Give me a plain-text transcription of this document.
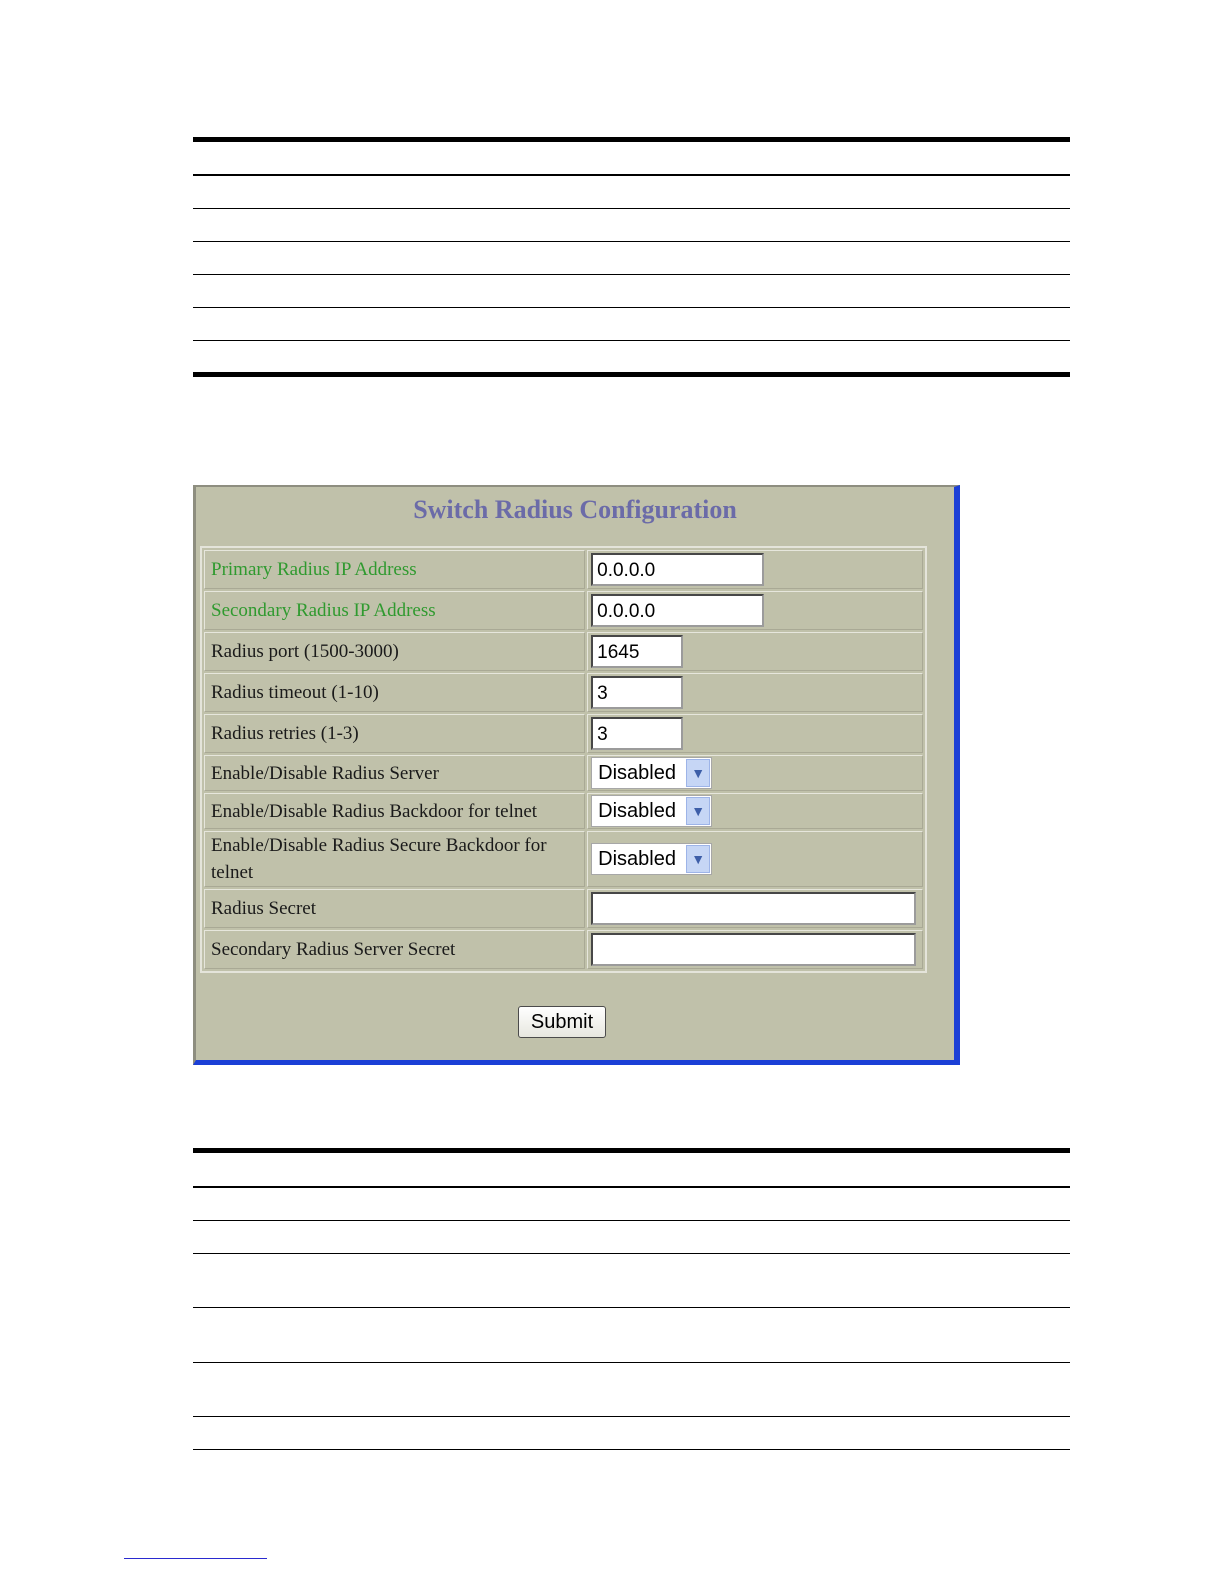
Switch Radius Configuration
Primary Radius IP Address	0.0.0.0

Secondary Radius IP Address	0.0.0.0

Radius port (1500-3000)	1645

Radius timeout (1-10)	3

Radius retries (1-3)	3

Enable/Disable Radius Server	Disabled ▼

Enable/Disable Radius Backdoor for telnet	Disabled ▼

Enable/Disable Radius Secure Backdoor for telnet	Disabled ▼

Radius Secret	

Secondary Radius Server Secret	
Submit
